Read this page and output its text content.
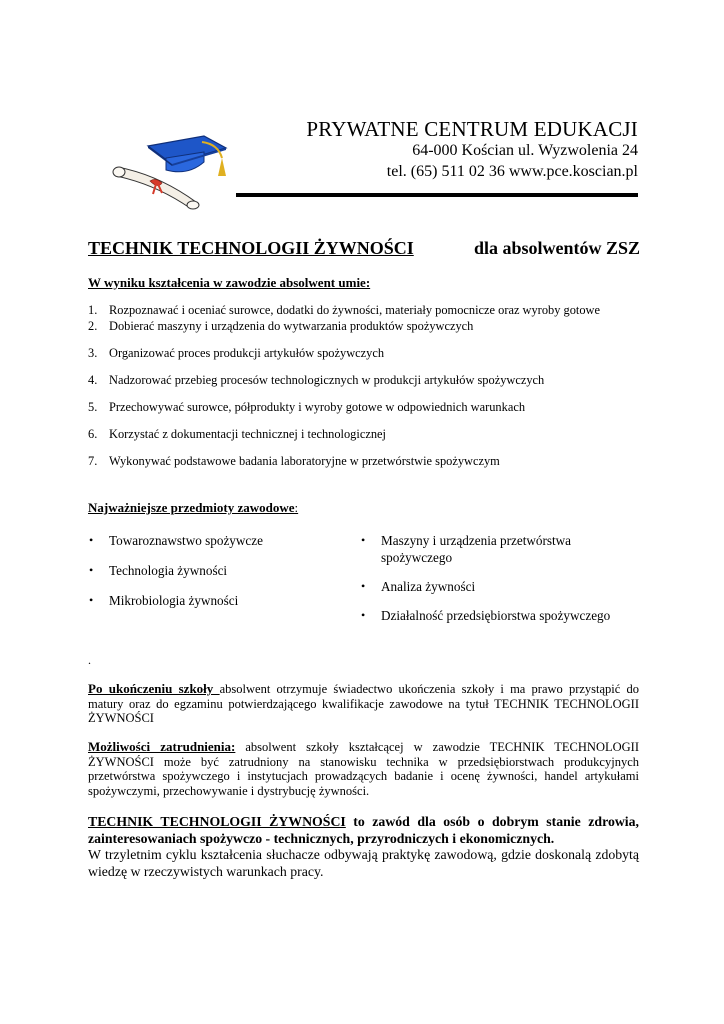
PRYWATNE CENTRUM EDUKACJI
64-000 Kościan ul. Wyzwolenia 24
tel. (65) 511 02 36 www.pce.koscian.pl
TECHNIK TECHNOLOGII ŻYWNOŚCI	dla absolwentów ZSZ
W wyniku kształcenia w zawodzie absolwent umie:
1. Rozpoznawać i oceniać surowce, dodatki do żywności, materiały pomocnicze oraz wyroby gotowe
2. Dobierać maszyny i urządzenia do wytwarzania produktów spożywczych
3. Organizować proces produkcji artykułów spożywczych
4. Nadzorować przebieg procesów technologicznych w produkcji artykułów spożywczych
5. Przechowywać surowce, półprodukty i wyroby gotowe w odpowiednich warunkach
6. Korzystać z dokumentacji technicznej i technologicznej
7. Wykonywać podstawowe badania laboratoryjne w przetwórstwie spożywczym
Najważniejsze przedmioty zawodowe:
• Towaroznawstwo spożywcze
• Technologia żywności
• Mikrobiologia żywności
• Maszyny i urządzenia przetwórstwa spożywczego
• Analiza żywności
• Działalność przedsiębiorstwa spożywczego
.
Po ukończeniu szkoły absolwent otrzymuje świadectwo ukończenia szkoły i ma prawo przystąpić do matury oraz do egzaminu potwierdzającego kwalifikacje zawodowe na tytuł TECHNIK TECHNOLOGII ŻYWNOŚCI
Możliwości zatrudnienia: absolwent szkoły kształcącej w zawodzie TECHNIK TECHNOLOGII ŻYWNOŚCI może być zatrudniony na stanowisku technika w przedsiębiorstwach produkcyjnych przetwórstwa spożywczego i instytucjach prowadzących badanie i ocenę żywności, handel artykułami spożywczymi, przechowywanie i dystrybucję żywności.
TECHNIK TECHNOLOGII ŻYWNOŚCI to zawód dla osób o dobrym stanie zdrowia, zainteresowaniach spożywczo - technicznych, przyrodniczych i ekonomicznych.
W trzyletnim cyklu kształcenia słuchacze odbywają praktykę zawodową, gdzie doskonalą zdobytą wiedzę w rzeczywistych warunkach pracy.
